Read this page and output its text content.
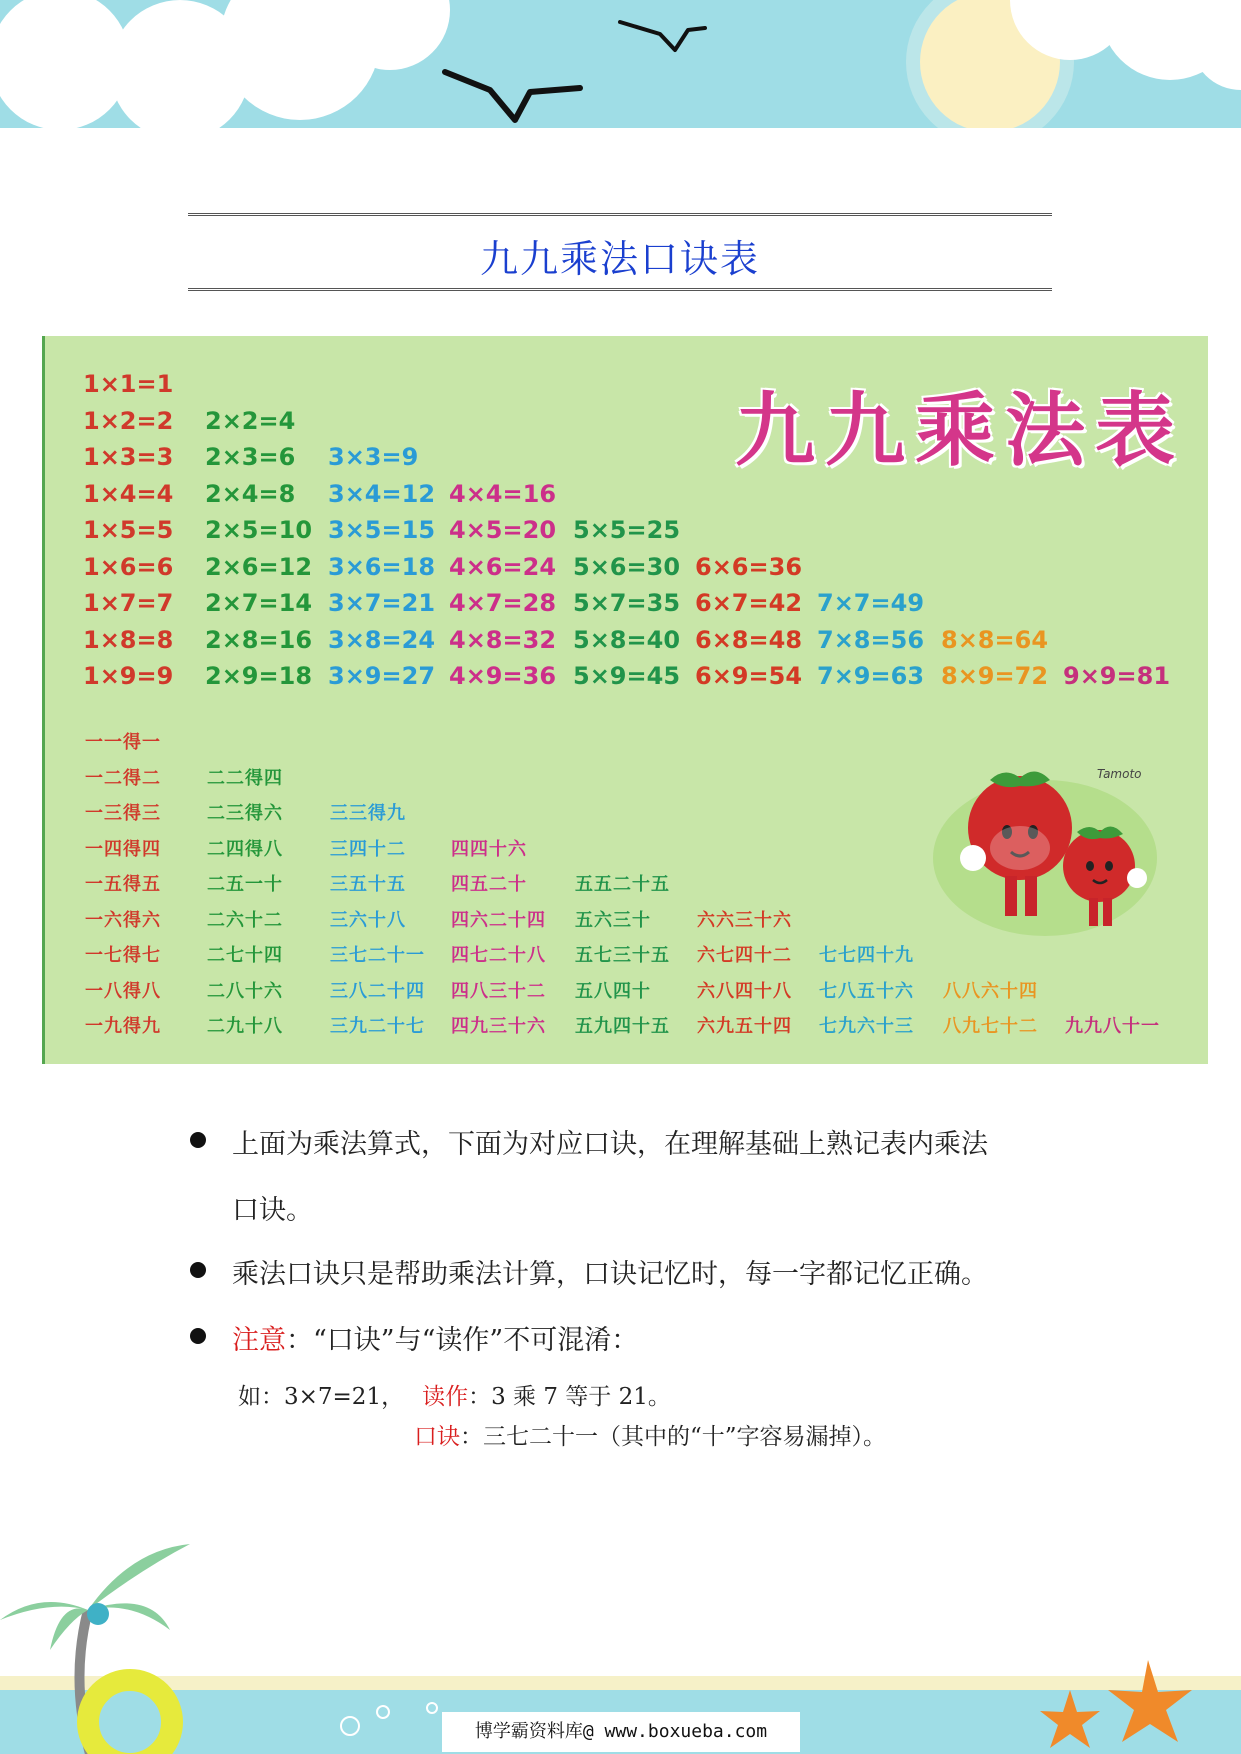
九九乘法口诀表
九九乘法表
1×1=1
1×2=2 2×2=4
1×3=3 2×3=6 3×3=9
1×4=4 2×4=8 3×4=12 4×4=16
1×5=5 2×5=10 3×5=15 4×5=20 5×5=25
1×6=6 2×6=12 3×6=18 4×6=24 5×6=30 6×6=36
1×7=7 2×7=14 3×7=21 4×7=28 5×7=35 6×7=42 7×7=49
1×8=8 2×8=16 3×8=24 4×8=32 5×8=40 6×8=48 7×8=56 8×8=64
1×9=9 2×9=18 3×9=27 4×9=36 5×9=45 6×9=54 7×9=63 8×9=72 9×9=81
一一得一
一二得二	二二得四
一三得三	二三得六	三三得九
一四得四	二四得八	三四十二	四四十六
一五得五	二五一十	三五十五	四五二十	五五二十五
一六得六	二六十二	三六十八	四六二十四 五六三十	六六三十六
一七得七	二七十四	三七二十一 四七二十八 五七三十五 六七四十二 七七四十九
一八得八	二八十六	三八二十四 四八三十二 五八四十	六八四十八 七八五十六 八八六十四
一九得九	二九十八	三九二十七 四九三十六 五九四十五 六九五十四 七九六十三 八九七十二 九九八十一
Tamoto
上面为乘法算式，下面为对应口诀，在理解基础上熟记表内乘法
口诀。
乘法口诀只是帮助乘法计算，口诀记忆时，每一字都记忆正确。
注意：“口诀”与“读作”不可混淆：
如：3×7=21， 读作：3 乘 7 等于 21。
口诀：三七二十一（其中的“十”字容易漏掉）。
博学霸资料库@ www.boxueba.com
